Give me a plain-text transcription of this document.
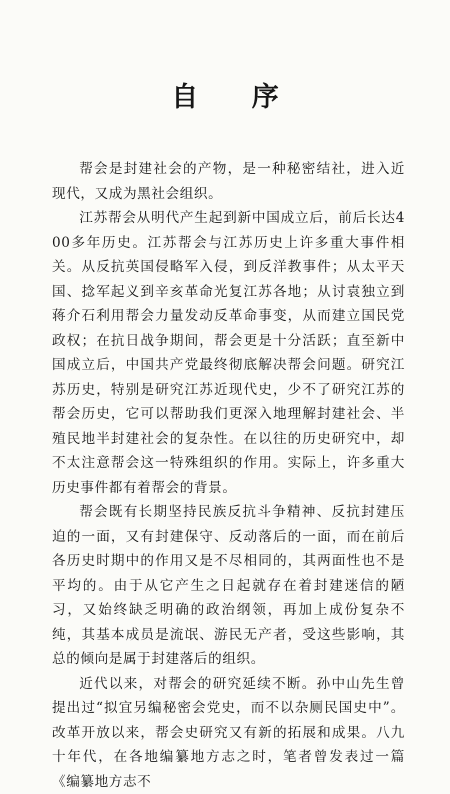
自 序

帮会是封建社会的产物，是一种秘密结社，进入近现代，又成为黑社会组织。

江苏帮会从明代产生起到新中国成立后，前后长达400多年历史。江苏帮会与江苏历史上许多重大事件相关。从反抗英国侵略军入侵，到反洋教事件；从太平天国、捻军起义到辛亥革命光复江苏各地；从讨袁独立到蒋介石利用帮会力量发动反革命事变，从而建立国民党政权；在抗日战争期间，帮会更是十分活跃；直至新中国成立后，中国共产党最终彻底解决帮会问题。研究江苏历史，特别是研究江苏近现代史，少不了研究江苏的帮会历史，它可以帮助我们更深入地理解封建社会、半殖民地半封建社会的复杂性。在以往的历史研究中，却不太注意帮会这一特殊组织的作用。实际上，许多重大历史事件都有着帮会的背景。

帮会既有长期坚持民族反抗斗争精神、反抗封建压迫的一面，又有封建保守、反动落后的一面，而在前后各历史时期中的作用又是不尽相同的，其两面性也不是平均的。由于从它产生之日起就存在着封建迷信的陋习，又始终缺乏明确的政治纲领，再加上成份复杂不纯，其基本成员是流氓、游民无产者，受这些影响，其总的倾向是属于封建落后的组织。

近代以来，对帮会的研究延续不断。孙中山先生曾提出过“拟宜另编秘密会党史，而不以杂厕民国史中”。改革开放以来，帮会史研究又有新的拓展和成果。八九十年代，在各地编纂地方志之时，笔者曾发表过一篇《编纂地方志不
